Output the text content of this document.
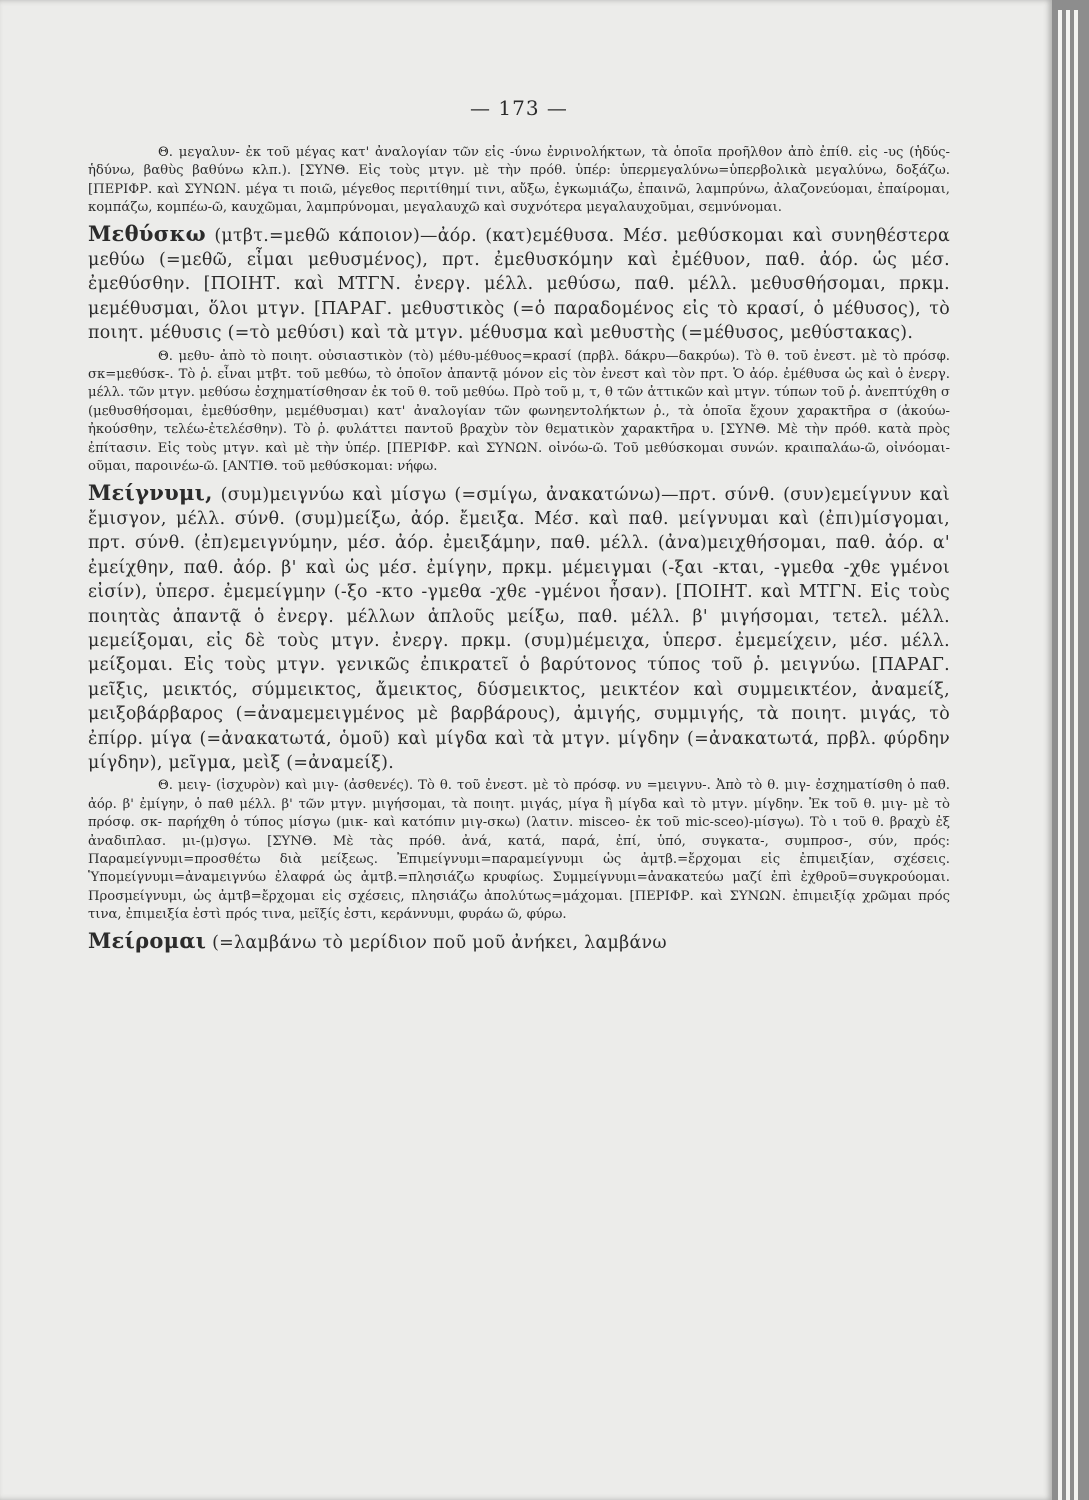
— 173 —

Θ. μεγαλυν- ἐκ τοῦ μέγας κατ' ἀναλογίαν τῶν εἰς -ύνω ἐνρινολήκτων, τὰ ὁποῖα προῆλθον ἀπὸ ἐπίθ. εἰς -υς (ἡδύς-ἡδύνω, βαθὺς βαθύνω κλπ.). [ΣΥΝΘ. Εἰς τοὺς μτγν. μὲ τὴν πρόθ. ὑπέρ: ὑπερμεγαλύνω=ὑπερβολικὰ μεγαλύνω, δοξάζω. [ΠΕΡΙΦΡ. καὶ ΣΥΝΩΝ. μέγα τι ποιῶ, μέγεθος περιτίθημί τινι, αὔξω, ἐγκωμιάζω, ἐπαινῶ, λαμπρύνω, ἀλαζονεύομαι, ἐπαίρομαι, κομπάζω, κομπέω-ῶ, καυχῶμαι, λαμπρύνομαι, μεγαλαυχῶ καὶ συχνότερα μεγαλαυχοῦμαι, σεμνύνομαι.

Μεθύσκω (μτβτ.=μεθῶ κάποιον)—ἀόρ. (κατ)εμέθυσα. Μέσ. μεθύσκομαι καὶ συνηθέστερα μεθύω (=μεθῶ, εἶμαι μεθυσμένος), πρτ. ἐμεθυσκόμην καὶ ἐμέθυον, παθ. ἀόρ. ὡς μέσ. ἐμεθύσθην. [ΠΟΙΗΤ. καὶ ΜΤΓΝ. ἐνεργ. μέλλ. μεθύσω, παθ. μέλλ. μεθυσθήσομαι, πρκμ. μεμέθυσμαι, ὅλοι μτγν. [ΠΑΡΑΓ. μεθυστικὸς (=ὁ παραδομένος εἰς τὸ κρασί, ὁ μέθυσος), τὸ ποιητ. μέθυσις (=τὸ μεθύσι) καὶ τὰ μτγν. μέθυσμα καὶ μεθυστὴς (=μέθυσος, μεθύστακας).

Θ. μεθυ- ἀπὸ τὸ ποιητ. οὐσιαστικὸν (τὸ) μέθυ-μέθυος=κρασί (πρβλ. δάκρυ—δακρύω). Τὸ θ. τοῦ ἐνεστ. μὲ τὸ πρόσφ. σκ=μεθύσκ-. Τὸ ῥ. εἶναι μτβτ. τοῦ μεθύω, τὸ ὁποῖον ἀπαντᾷ μόνον εἰς τὸν ἐνεστ καὶ τὸν πρτ. Ὁ ἀόρ. ἐμέθυσα ὡς καὶ ὁ ἐνεργ. μέλλ. τῶν μτγν. μεθύσω ἐσχηματίσθησαν ἐκ τοῦ θ. τοῦ μεθύω. Πρὸ τοῦ μ, τ, θ τῶν ἀττικῶν καὶ μτγν. τύπων τοῦ ῥ. ἀνεπτύχθη σ (μεθυσθήσομαι, ἐμεθύσθην, μεμέθυσμαι) κατ' ἀναλογίαν τῶν φωνηεντολήκτων ῥ., τὰ ὁποῖα ἔχουν χαρακτῆρα σ (ἀκούω-ἠκούσθην, τελέω-ἐτελέσθην). Τὸ ῥ. φυλάττει παντοῦ βραχὺν τὸν θεματικὸν χαρακτῆρα υ. [ΣΥΝΘ. Μὲ τὴν πρόθ. κατὰ πρὸς ἐπίτασιν. Εἰς τοὺς μτγν. καὶ μὲ τὴν ὑπέρ. [ΠΕΡΙΦΡ. καὶ ΣΥΝΩΝ. οἰνόω-ῶ. Τοῦ μεθύσκομαι συνών. κραιπαλάω-ῶ, οἰνόομαι-οῦμαι, παροινέω-ῶ. [ΑΝΤΙΘ. τοῦ μεθύσκομαι: νήφω.

Μείγνυμι, (συμ)μειγνύω καὶ μίσγω (=σμίγω, ἀνακατώνω)—πρτ. σύνθ. (συν)εμείγνυν καὶ ἔμισγον, μέλλ. σύνθ. (συμ)μείξω, ἀόρ. ἔμειξα. Μέσ. καὶ παθ. μείγνυμαι καὶ (ἐπι)μίσγομαι, πρτ. σύνθ. (ἐπ)εμειγνύμην, μέσ. ἀόρ. ἐμειξάμην, παθ. μέλλ. (ἀνα)μειχθήσομαι, παθ. ἀόρ. α' ἐμείχθην, παθ. ἀόρ. β' καὶ ὡς μέσ. ἐμίγην, πρκμ. μέμειγμαι (-ξαι -κται, -γμεθα -χθε γμένοι εἰσίν), ὑπερσ. ἐμεμείγμην (-ξο -κτο -γμεθα -χθε -γμένοι ἦσαν). [ΠΟΙΗΤ. καὶ ΜΤΓΝ. Εἰς τοὺς ποιητὰς ἀπαντᾷ ὁ ἐνεργ. μέλλων ἁπλοῦς μείξω, παθ. μέλλ. β' μιγήσομαι, τετελ. μέλλ. μεμείξομαι, εἰς δὲ τοὺς μτγν. ἐνεργ. πρκμ. (συμ)μέμειχα, ὑπερσ. ἐμεμείχειν, μέσ. μέλλ. μείξομαι. Εἰς τοὺς μτγν. γενικῶς ἐπικρατεῖ ὁ βαρύτονος τύπος τοῦ ῥ. μειγνύω. [ΠΑΡΑΓ. μεῖξις, μεικτός, σύμμεικτος, ἄμεικτος, δύσμεικτος, μεικτέον καὶ συμμεικτέον, ἀναμείξ, μειξοβάρβαρος (=ἀναμεμειγμένος μὲ βαρβάρους), ἀμιγής, συμμιγής, τὰ ποιητ. μιγάς, τὸ ἐπίρρ. μίγα (=ἀνακατωτά, ὁμοῦ) καὶ μίγδα καὶ τὰ μτγν. μίγδην (=ἀνακατωτά, πρβλ. φύρδην μίγδην), μεῖγμα, μεὶξ (=ἀναμείξ).

Θ. μειγ- (ἰσχυρὸν) καὶ μιγ- (ἀσθενές). Τὸ θ. τοῦ ἐνεστ. μὲ τὸ πρόσφ. νυ =μειγνυ-. Ἀπὸ τὸ θ. μιγ- ἐσχηματίσθη ὁ παθ. ἀόρ. β' ἐμίγην, ὁ παθ μέλλ. β' τῶν μτγν. μιγήσομαι, τὰ ποιητ. μιγάς, μίγα ἢ μίγδα καὶ τὸ μτγν. μίγδην. Ἐκ τοῦ θ. μιγ- μὲ τὸ πρόσφ. σκ- παρήχθη ὁ τύπος μίσγω (μικ- καὶ κατόπιν μιγ-σκω) (λατιν. misceo- ἐκ τοῦ mic-sceo)-μίσγω). Τὸ ι τοῦ θ. βραχὺ ἐξ ἀναδιπλασ. μι-(μ)σγω. [ΣΥΝΘ. Μὲ τὰς πρόθ. ἀνά, κατά, παρά, ἐπί, ὑπό, συγκατα-, συμπροσ-, σύν, πρός: Παραμείγνυμι=προσθέτω διὰ μείξεως. Ἐπιμείγνυμι=παραμείγνυμι ὡς ἀμτβ.=ἔρχομαι εἰς ἐπιμειξίαν, σχέσεις. Ὑπομείγνυμι=ἀναμειγνύω ἐλαφρά ὡς ἀμτβ.=πλησιάζω κρυφίως. Συμμείγνυμι=ἀνακατεύω μαζί ἐπὶ ἐχθροῦ=συγκρούομαι. Προσμείγνυμι, ὡς ἀμτβ=ἔρχομαι εἰς σχέσεις, πλησιάζω ἀπολύτως=μάχομαι. [ΠΕΡΙΦΡ. καὶ ΣΥΝΩΝ. ἐπιμειξίᾳ χρῶμαι πρός τινα, ἐπιμειξία ἐστὶ πρός τινα, μεῖξίς ἐστι, κεράννυμι, φυράω ῶ, φύρω.

Μείρομαι (=λαμβάνω τὸ μερίδιον ποῦ μοῦ ἀνήκει, λαμβάνω
